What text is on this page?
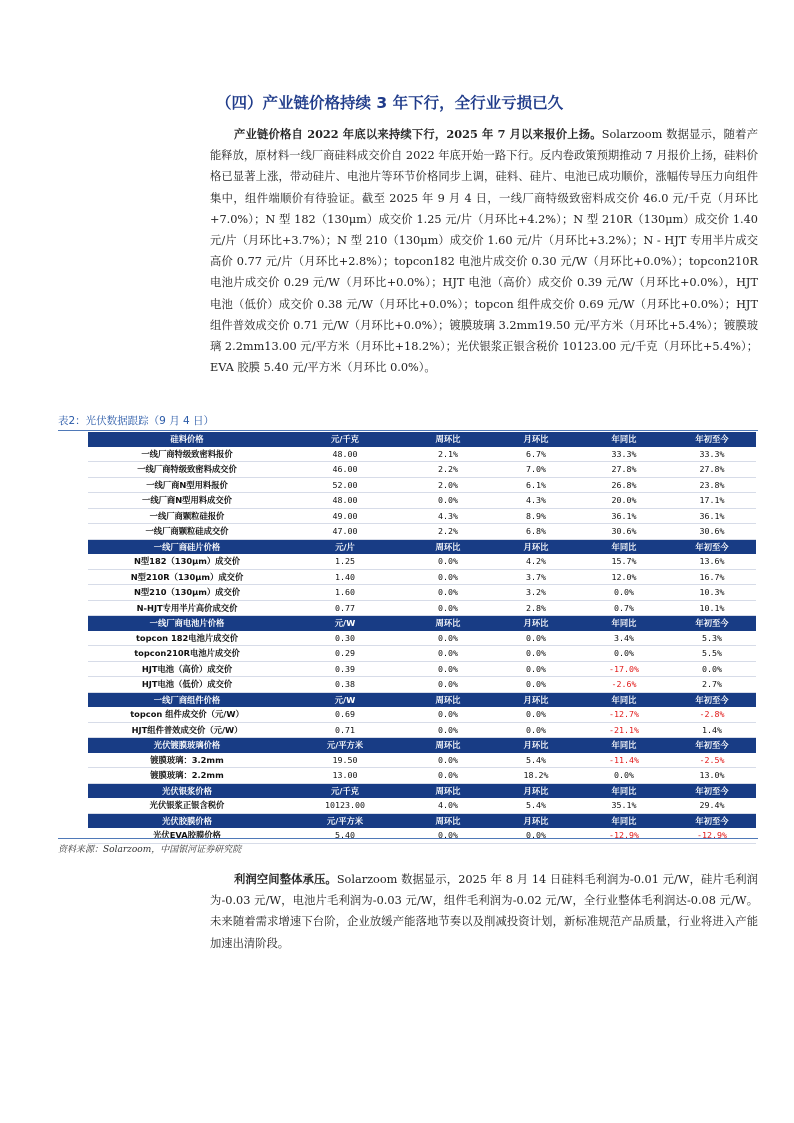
（四）产业链价格持续 3 年下行，全行业亏损已久
产业链价格自 2022 年底以来持续下行，2025 年 7 月以来报价上扬。Solarzoom 数据显示，随着产能释放，原材料一线厂商硅料成交价自 2022 年底开始一路下行。反内卷政策预期推动 7 月报价上扬，硅料价格已显著上涨，带动硅片、电池片等环节价格同步上调，硅料、硅片、电池已成功顺价，涨幅传导压力向组件集中，组件端顺价有待验证。截至 2025 年 9 月 4 日，一线厂商特级致密料成交价 46.0 元/千克（月环比+7.0%）；N 型 182（130μm）成交价 1.25 元/片（月环比+4.2%）；N 型 210R（130μm）成交价 1.40 元/片（月环比+3.7%）；N 型 210（130μm）成交价 1.60 元/片（月环比+3.2%）；N - HJT 专用半片成交高价 0.77 元/片（月环比+2.8%）；topcon182 电池片成交价 0.30 元/W（月环比+0.0%）；topcon210R 电池片成交价 0.29 元/W（月环比+0.0%）；HJT 电池（高价）成交价 0.39 元/W（月环比+0.0%），HJT 电池（低价）成交价 0.38 元/W（月环比+0.0%）；topcon 组件成交价 0.69 元/W（月环比+0.0%）；HJT 组件普效成交价 0.71 元/W（月环比+0.0%）；镀膜玻璃 3.2mm19.50 元/平方米（月环比+5.4%）；镀膜玻璃 2.2mm13.00 元/平方米（月环比+18.2%）；光伏银浆正银含税价 10123.00 元/千克（月环比+5.4%）；EVA 胶膜 5.40 元/平方米（月环比 0.0%）。
表2：光伏数据跟踪（9 月 4 日）
硅料价格	元/千克	周环比	月环比	年同比	年初至今
一线厂商特级致密料报价	48.00	2.1%	6.7%	33.3%	33.3%
一线厂商特级致密料成交价	46.00	2.2%	7.0%	27.8%	27.8%
一线厂商N型用料报价	52.00	2.0%	6.1%	26.8%	23.8%
一线厂商N型用料成交价	48.00	0.0%	4.3%	20.0%	17.1%
一线厂商颗粒硅报价	49.00	4.3%	8.9%	36.1%	36.1%
一线厂商颗粒硅成交价	47.00	2.2%	6.8%	30.6%	30.6%
一线厂商硅片价格	元/片	周环比	月环比	年同比	年初至今
N型182（130μm）成交价	1.25	0.0%	4.2%	15.7%	13.6%
N型210R（130μm）成交价	1.40	0.0%	3.7%	12.0%	16.7%
N型210（130μm）成交价	1.60	0.0%	3.2%	0.0%	10.3%
N-HJT专用半片高价成交价	0.77	0.0%	2.8%	0.7%	10.1%
一线厂商电池片价格	元/W	周环比	月环比	年同比	年初至今
topcon 182电池片成交价	0.30	0.0%	0.0%	3.4%	5.3%
topcon210R电池片成交价	0.29	0.0%	0.0%	0.0%	5.5%
HJT电池（高价）成交价	0.39	0.0%	0.0%	-17.0%	0.0%
HJT电池（低价）成交价	0.38	0.0%	0.0%	-2.6%	2.7%
一线厂商组件价格	元/W	周环比	月环比	年同比	年初至今
topcon 组件成交价（元/W）	0.69	0.0%	0.0%	-12.7%	-2.8%
HJT组件普效成交价（元/W）	0.71	0.0%	0.0%	-21.1%	1.4%
光伏镀膜玻璃价格	元/平方米	周环比	月环比	年同比	年初至今
镀膜玻璃：3.2mm	19.50	0.0%	5.4%	-11.4%	-2.5%
镀膜玻璃：2.2mm	13.00	0.0%	18.2%	0.0%	13.0%
光伏银浆价格	元/千克	周环比	月环比	年同比	年初至今
光伏银浆正银含税价	10123.00	4.0%	5.4%	35.1%	29.4%
光伏胶膜价格	元/平方米	周环比	月环比	年同比	年初至今
光伏EVA胶膜价格	5.40	0.0%	0.0%	-12.9%	-12.9%
资料来源：Solarzoom，中国银河证券研究院
利润空间整体承压。Solarzoom 数据显示，2025 年 8 月 14 日硅料毛利润为-0.01 元/W，硅片毛利润为-0.03 元/W，电池片毛利润为-0.03 元/W，组件毛利润为-0.02 元/W，全行业整体毛利润达-0.08 元/W。未来随着需求增速下台阶，企业放缓产能落地节奏以及削减投资计划，新标准规范产品质量，行业将进入产能加速出清阶段。
